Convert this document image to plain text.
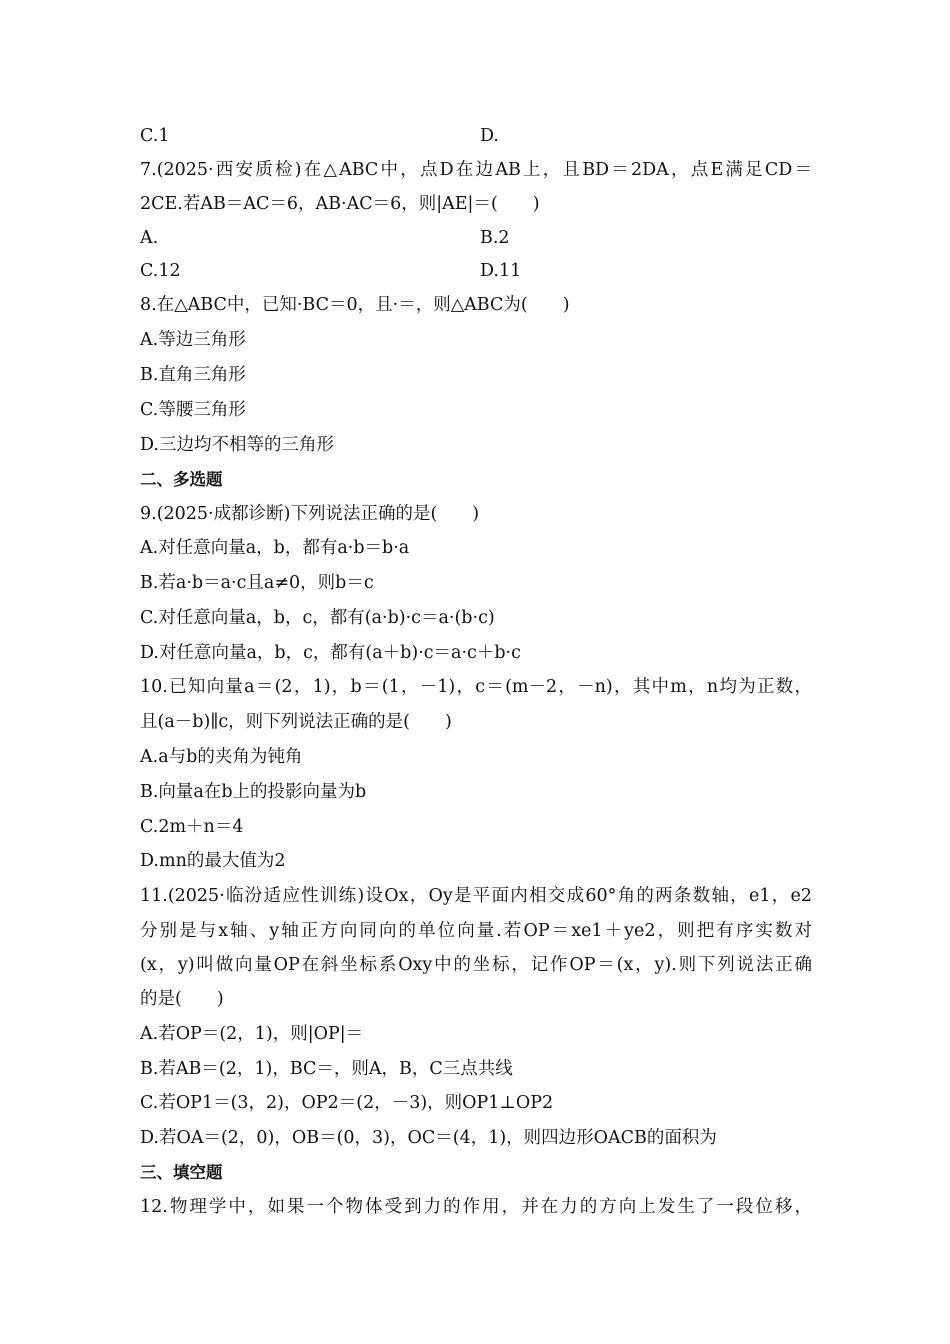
C.1	D.
7.(2025·西安质检)在△ABC中，点D在边AB上，且BD＝2DA，点E满足CD＝
2CE.若AB＝AC＝6，AB·AC＝6，则|AE|＝(　　)
A.	B.2
C.12	D.11
8.在△ABC中，已知·BC＝0，且·＝，则△ABC为(　　)
A.等边三角形
B.直角三角形
C.等腰三角形
D.三边均不相等的三角形
二、多选题
9.(2025·成都诊断)下列说法正确的是(　　)
A.对任意向量a，b，都有a·b＝b·a
B.若a·b＝a·c且a≠0，则b＝c
C.对任意向量a，b，c，都有(a·b)·c＝a·(b·c)
D.对任意向量a，b，c，都有(a＋b)·c＝a·c＋b·c
10.已知向量a＝(2，1)，b＝(1，－1)，c＝(m－2，－n)，其中m，n均为正数，
且(a－b)∥c，则下列说法正确的是(　　)
A.a与b的夹角为钝角
B.向量a在b上的投影向量为b
C.2m＋n＝4
D.mn的最大值为2
11.(2025·临汾适应性训练)设Ox，Oy是平面内相交成60°角的两条数轴，e1，e2
分别是与x轴、y轴正方向同向的单位向量.若OP＝xe1＋ye2，则把有序实数对
(x，y)叫做向量OP在斜坐标系Oxy中的坐标，记作OP＝(x，y).则下列说法正确
的是(　　)
A.若OP＝(2，1)，则|OP|＝
B.若AB＝(2，1)，BC＝，则A，B，C三点共线
C.若OP1＝(3，2)，OP2＝(2，－3)，则OP1⊥OP2
D.若OA＝(2，0)，OB＝(0，3)，OC＝(4，1)，则四边形OACB的面积为
三、填空题
12.物理学中，如果一个物体受到力的作用，并在力的方向上发生了一段位移，
